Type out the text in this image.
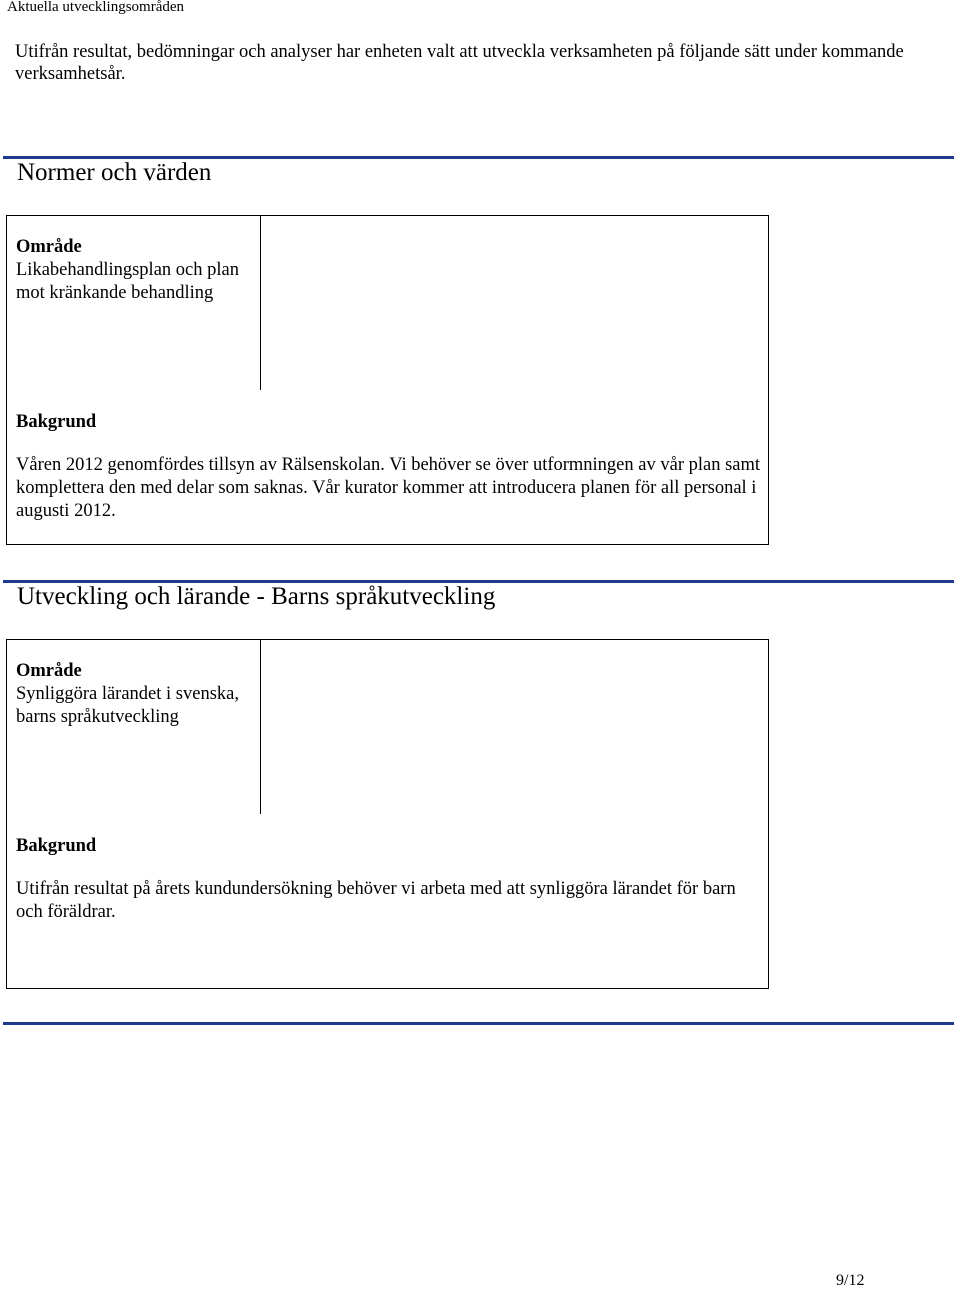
Aktuella utvecklingsområden
Utifrån resultat, bedömningar och analyser har enheten valt att utveckla verksamheten på följande sätt under kommande verksamhetsår.
Normer och värden
Område
Likabehandlingsplan och plan mot kränkande behandling
Bakgrund
Våren 2012 genomfördes tillsyn av Rälsenskolan. Vi behöver se över utformningen av vår plan samt komplettera den med delar som saknas. Vår kurator kommer att introducera planen för all personal i augusti 2012.
Utveckling och lärande - Barns språkutveckling
Område
Synliggöra lärandet i svenska, barns språkutveckling
Bakgrund
Utifrån resultat på årets kundundersökning behöver vi arbeta med att synliggöra lärandet för barn och föräldrar.
9/12
